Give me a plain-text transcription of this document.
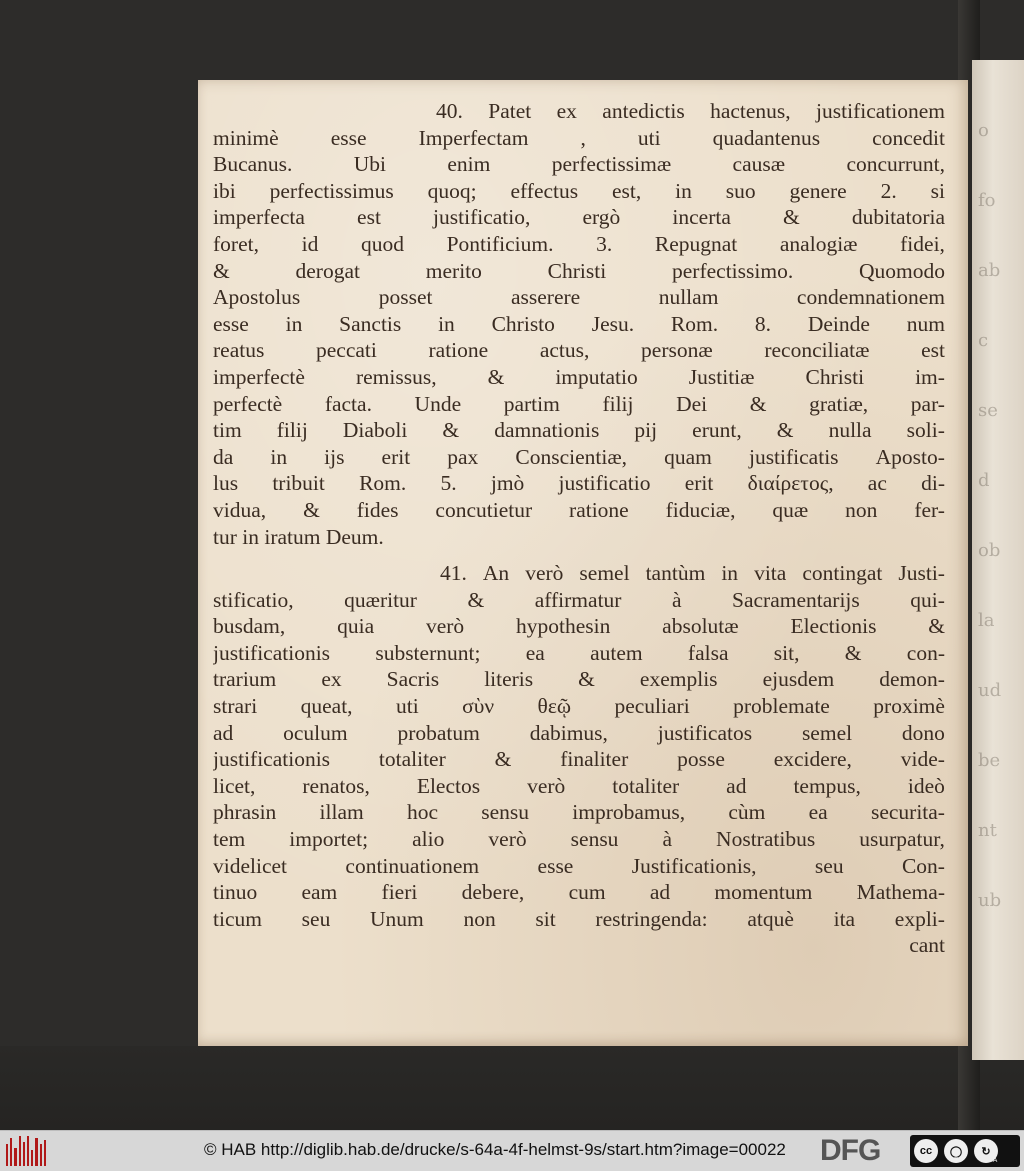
o
fo
ab
c
se
d
ob
la
ud
be
nt
ub
40. Patet ex antedictis hactenus, justificationem
minimè esse Imperfectam , uti quadantenus concedit
Bucanus.	Ubi	enim	perfectissimæ	causæ	concurrunt,
ibi perfectissimus quoq; effectus est, in suo genere 2. si
imperfecta est justificatio, ergò incerta & dubitatoria
foret, id quod Pontificium. 3. Repugnat analogiæ fidei,
&	derogat	merito	Christi	perfectissimo.	Quomodo
Apostolus	posset	asserere	nullam	condemnationem
esse in Sanctis in Christo Jesu. Rom. 8. Deinde num
reatus peccati ratione actus, personæ reconciliatæ est
imperfectè remissus, & imputatio Justitiæ Christi im-
perfectè facta. Unde partim filij Dei & gratiæ, par-
tim filij Diaboli & damnationis pij erunt, & nulla soli-
da in ijs erit pax Conscientiæ, quam justificatis Aposto-
lus tribuit Rom. 5. jmò justificatio erit διαίρετος, ac di-
vidua, & fides concutietur ratione fiduciæ, quæ non fer-
tur in iratum Deum.
41. An verò semel tantùm in vita contingat Justi-
stificatio, quæritur & affirmatur à Sacramentarijs qui-
busdam, quia verò hypothesin absolutæ Electionis &
justificationis substernunt; ea autem falsa sit, & con-
trarium ex Sacris literis & exemplis ejusdem demon-
strari queat, uti σὺν θεῷ peculiari problemate proximè
ad oculum probatum dabimus, justificatos semel dono
justificationis totaliter & finaliter posse excidere, vide-
licet, renatos, Electos verò totaliter ad tempus, ideò
phrasin illam hoc sensu improbamus, cùm ea securita-
tem importet; alio verò sensu à Nostratibus usurpatur,
videlicet	continuationem	esse	Justificationis,	seu	Con-
tinuo eam fieri debere, cum ad momentum Mathema-
ticum seu Unum non sit restringenda: atquè ita expli-
cant
© HAB http://diglib.hab.de/drucke/s-64a-4f-helmst-9s/start.htm?image=00022 DFG	cc	◯	↻
BY	SA
